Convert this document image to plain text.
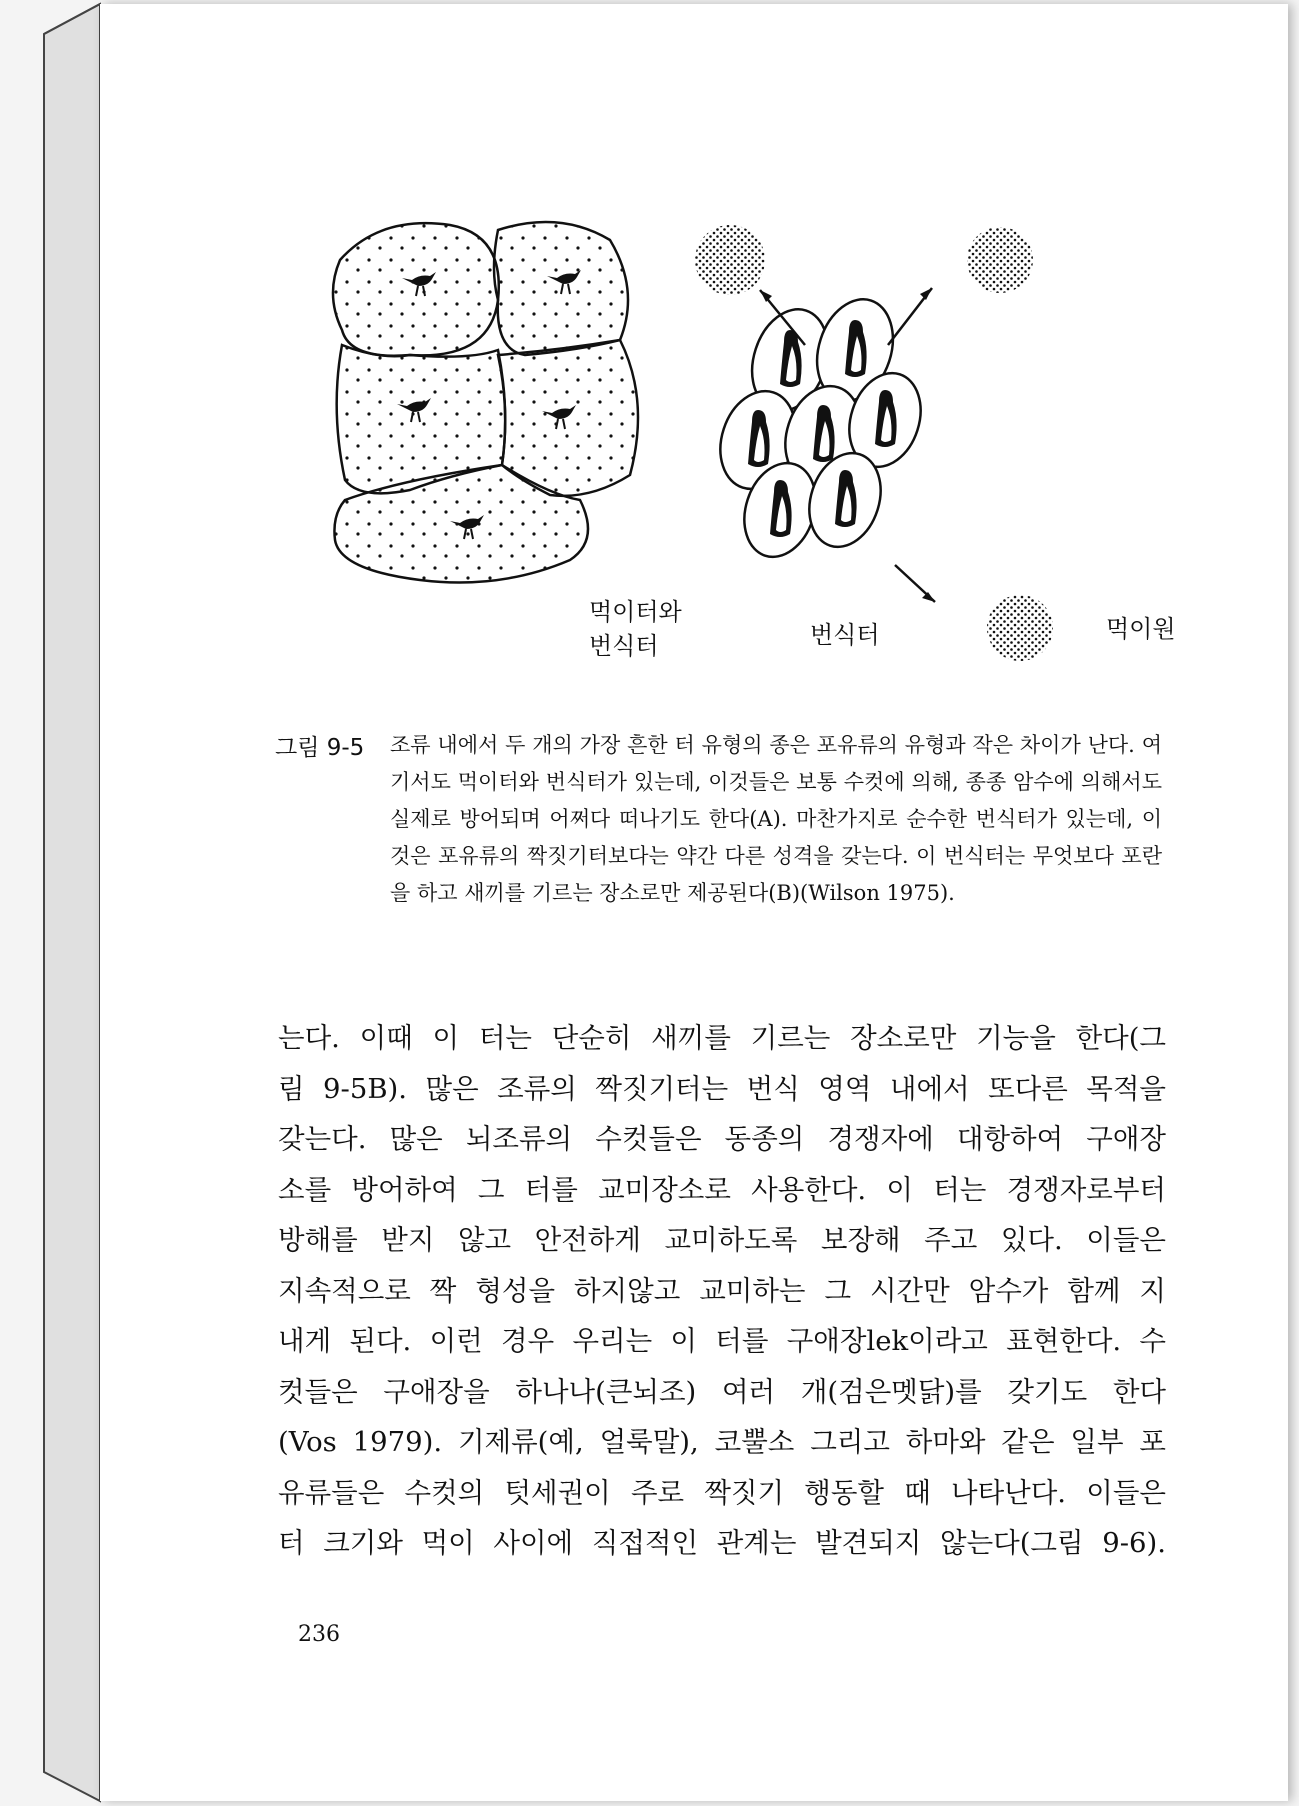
먹이터와
번식터	번식터	먹이원
그림 9-5 조류 내에서 두 개의 가장 흔한 터 유형의 종은 포유류의 유형과 작은 차이가 난다. 여기서도 먹이터와 번식터가 있는데, 이것들은 보통 수컷에 의해, 종종 암수에 의해서도 실제로 방어되며 어쩌다 떠나기도 한다(A). 마찬가지로 순수한 번식터가 있는데, 이것은 포유류의 짝짓기터보다는 약간 다른 성격을 갖는다. 이 번식터는 무엇보다 포란을 하고 새끼를 기르는 장소로만 제공된다(B)(Wilson 1975).
는다. 이때 이 터는 단순히 새끼를 기르는 장소로만 기능을 한다(그
림 9-5B). 많은 조류의 짝짓기터는 번식 영역 내에서 또다른 목적을
갖는다. 많은 뇌조류의 수컷들은 동종의 경쟁자에 대항하여 구애장
소를 방어하여 그 터를 교미장소로 사용한다. 이 터는 경쟁자로부터
방해를 받지 않고 안전하게 교미하도록 보장해 주고 있다. 이들은
지속적으로 짝 형성을 하지않고 교미하는 그 시간만 암수가 함께 지
내게 된다. 이런 경우 우리는 이 터를 구애장lek이라고 표현한다. 수
컷들은 구애장을 하나나(큰뇌조) 여러 개(검은멧닭)를 갖기도 한다
(Vos 1979). 기제류(예, 얼룩말), 코뿔소 그리고 하마와 같은 일부 포
유류들은 수컷의 텃세권이 주로 짝짓기 행동할 때 나타난다. 이들은
터 크기와 먹이 사이에 직접적인 관계는 발견되지 않는다(그림 9-6).
236
